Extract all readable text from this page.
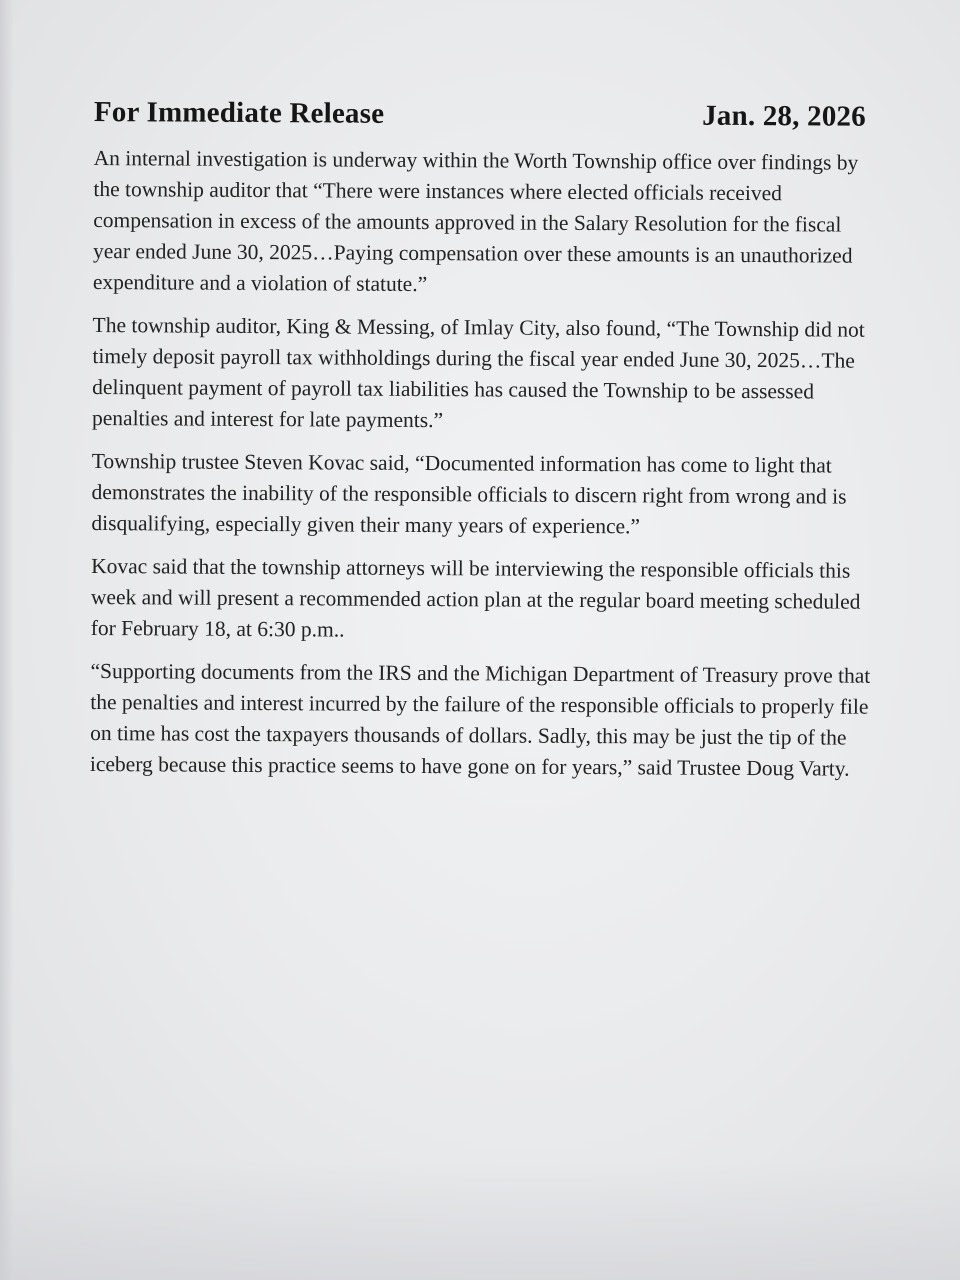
For Immediate Release	Jan. 28, 2026

An internal investigation is underway within the Worth Township office over findings by the township auditor that “There were instances where elected officials received compensation in excess of the amounts approved in the Salary Resolution for the fiscal year ended June 30, 2025…Paying compensation over these amounts is an unauthorized expenditure and a violation of statute.”

The township auditor, King & Messing, of Imlay City, also found, “The Township did not timely deposit payroll tax withholdings during the fiscal year ended June 30, 2025…The delinquent payment of payroll tax liabilities has caused the Township to be assessed penalties and interest for late payments.”

Township trustee Steven Kovac said, “Documented information has come to light that demonstrates the inability of the responsible officials to discern right from wrong and is disqualifying, especially given their many years of experience.”

Kovac said that the township attorneys will be interviewing the responsible officials this week and will present a recommended action plan at the regular board meeting scheduled for February 18, at 6:30 p.m..

“Supporting documents from the IRS and the Michigan Department of Treasury prove that the penalties and interest incurred by the failure of the responsible officials to properly file on time has cost the taxpayers thousands of dollars. Sadly, this may be just the tip of the iceberg because this practice seems to have gone on for years,” said Trustee Doug Varty.
